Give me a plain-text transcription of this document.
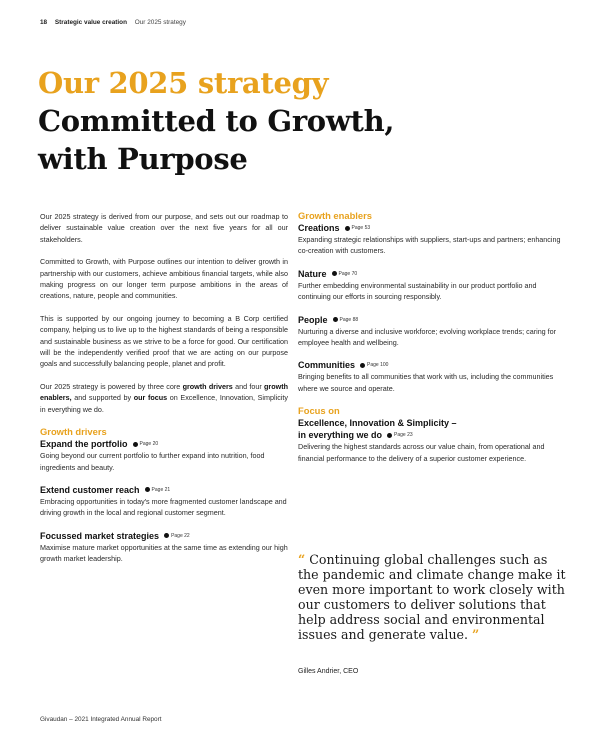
18 Strategic value creation Our 2025 strategy
Our 2025 strategy
Committed to Growth,
with Purpose

Our 2025 strategy is derived from our purpose, and sets out our roadmap to deliver sustainable value creation over the next five years for all our stakeholders.

Committed to Growth, with Purpose outlines our intention to deliver growth in partnership with our customers, achieve ambitious financial targets, while also making progress on our longer term purpose ambitions in the areas of creations, nature, people and communities.

This is supported by our ongoing journey to becoming a B Corp certified company, helping us to live up to the highest standards of being a responsible and sustainable business as we strive to be a force for good. Our certification will be the independently verified proof that we are acting on our purpose goals and successfully balancing people, planet and profit.

Our 2025 strategy is powered by three core growth drivers and four growth enablers, and supported by our focus on Excellence, Innovation, Simplicity in everything we do.

Growth drivers
Expand the portfolio Page 20
Going beyond our current portfolio to further expand into nutrition, food ingredients and beauty.
Extend customer reach Page 21
Embracing opportunities in today's more fragmented customer landscape and driving growth in the local and regional customer segment.
Focussed market strategies Page 22
Maximise mature market opportunities at the same time as extending our high growth market leadership.
Growth enablers
Creations Page 53
Expanding strategic relationships with suppliers, start-ups and partners; enhancing co-creation with customers.
Nature Page 70
Further embedding environmental sustainability in our product portfolio and continuing our efforts in sourcing responsibly.
People Page 88
Nurturing a diverse and inclusive workforce; evolving workplace trends; caring for employee health and wellbeing.
Communities Page 100
Bringing benefits to all communities that work with us, including the communities where we source and operate.
Focus on
Excellence, Innovation & Simplicity –
in everything we do Page 23
Delivering the highest standards across our value chain, from operational and financial performance to the delivery of a superior customer experience.
“ Continuing global challenges such as the pandemic and climate change make it even more important to work closely with our customers to deliver solutions that help address social and environmental issues and generate value. ”
Gilles Andrier, CEO
Givaudan – 2021 Integrated Annual Report
